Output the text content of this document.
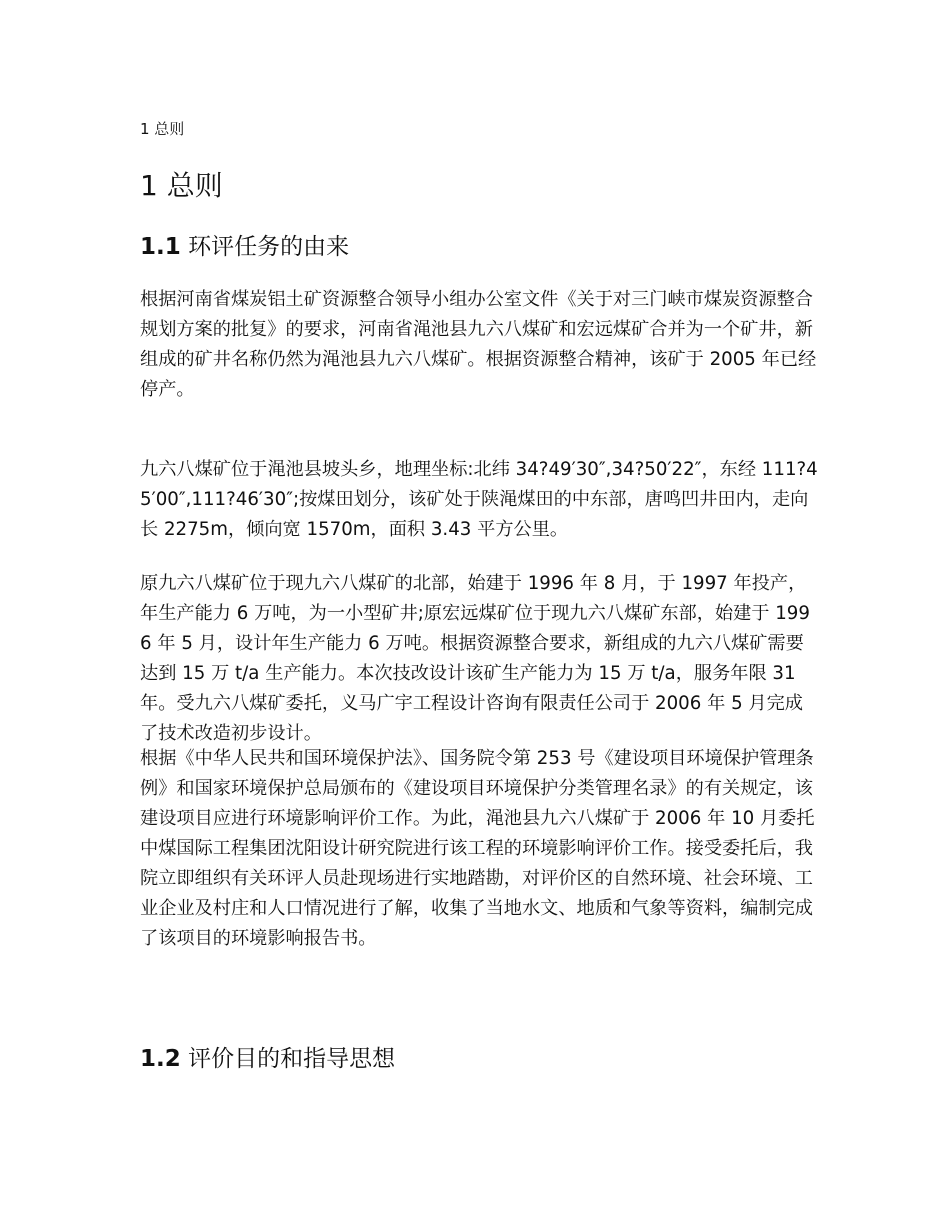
1 总则

1 总则
1.1 环评任务的由来

根据河南省煤炭铝土矿资源整合领导小组办公室文件《关于对三门峡市煤炭资源整合规划方案的批复》的要求，河南省渑池县九六八煤矿和宏远煤矿合并为一个矿井，新组成的矿井名称仍然为渑池县九六八煤矿。根据资源整合精神，该矿于 2005 年已经停产。

九六八煤矿位于渑池县坡头乡，地理坐标:北纬 34?49′30″,34?50′22″，东经 111?45′00″,111?46′30″;按煤田划分，该矿处于陕渑煤田的中东部，唐鸣凹井田内，走向长 2275m，倾向宽 1570m，面积 3.43 平方公里。

原九六八煤矿位于现九六八煤矿的北部，始建于 1996 年 8 月，于 1997 年投产，年生产能力 6 万吨，为一小型矿井;原宏远煤矿位于现九六八煤矿东部，始建于 1996 年 5 月，设计年生产能力 6 万吨。根据资源整合要求，新组成的九六八煤矿需要达到 15 万 t/a 生产能力。本次技改设计该矿生产能力为 15 万 t/a，服务年限 31 年。受九六八煤矿委托，义马广宇工程设计咨询有限责任公司于 2006 年 5 月完成了技术改造初步设计。

根据《中华人民共和国环境保护法》、国务院令第 253 号《建设项目环境保护管理条例》和国家环境保护总局颁布的《建设项目环境保护分类管理名录》的有关规定，该建设项目应进行环境影响评价工作。为此，渑池县九六八煤矿于 2006 年 10 月委托中煤国际工程集团沈阳设计研究院进行该工程的环境影响评价工作。接受委托后，我院立即组织有关环评人员赴现场进行实地踏勘，对评价区的自然环境、社会环境、工业企业及村庄和人口情况进行了解，收集了当地水文、地质和气象等资料，编制完成了该项目的环境影响报告书。

1.2 评价目的和指导思想
